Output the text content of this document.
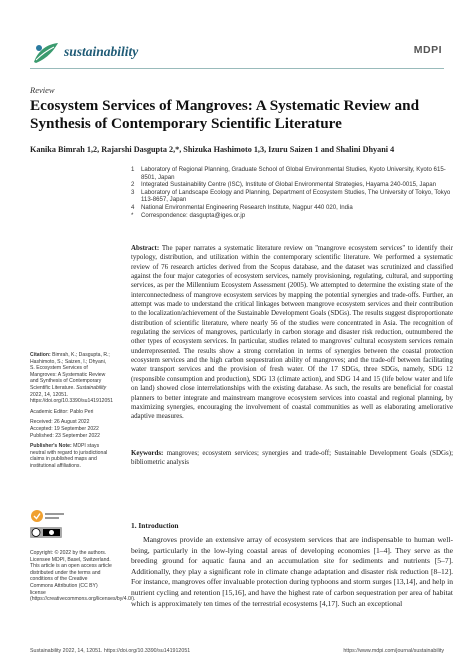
sustainability	MDPI
Review
Ecosystem Services of Mangroves: A Systematic Review and Synthesis of Contemporary Scientific Literature
Kanika Bimrah 1,2, Rajarshi Dasgupta 2,*, Shizuka Hashimoto 1,3, Izuru Saizen 1 and Shalini Dhyani 4
1	Laboratory of Regional Planning, Graduate School of Global Environmental Studies, Kyoto University, Kyoto 615-8501, Japan
2	Integrated Sustainability Centre (ISC), Institute of Global Environmental Strategies, Hayama 240-0015, Japan
3	Laboratory of Landscape Ecology and Planning, Department of Ecosystem Studies, The University of Tokyo, Tokyo 113-8657, Japan
4	National Environmental Engineering Research Institute, Nagpur 440 020, India
*	Correspondence: dasgupta@iges.or.jp
Abstract: The paper narrates a systematic literature review on ''mangrove ecosystem services'' to identify their typology, distribution, and utilization within the contemporary scientific literature. We performed a systematic review of 76 research articles derived from the Scopus database, and the dataset was scrutinized and classified against the four major categories of ecosystem services, namely provisioning, regulating, cultural, and supporting services, as per the Millennium Ecosystem Assessment (2005). We attempted to determine the existing state of the interconnectedness of mangrove ecosystem services by mapping the potential synergies and trade-offs. Further, an attempt was made to understand the critical linkages between mangrove ecosystem services and their contribution to the localization/achievement of the Sustainable Development Goals (SDGs). The results suggest disproportionate distribution of scientific literature, where nearly 56 of the studies were concentrated in Asia. The recognition of regulating the services of mangroves, particularly in carbon storage and disaster risk reduction, outnumbered the other types of ecosystem services. In particular, studies related to mangroves' cultural ecosystem services remain underrepresented. The results show a strong correlation in terms of synergies between the coastal protection ecosystem services and the high carbon sequestration ability of mangroves; and the trade-off between facilitating water transport services and the provision of fresh water. Of the 17 SDGs, three SDGs, namely, SDG 12 (responsible consumption and production), SDG 13 (climate action), and SDG 14 and 15 (life below water and life on land) showed close interrelationships with the existing database. As such, the results are beneficial for coastal planners to better integrate and mainstream mangrove ecosystem services into coastal and regional planning, by maximizing synergies, encouraging the involvement of coastal communities as well as elaborating ameliorative adaptive measures.
Keywords: mangroves; ecosystem services; synergies and trade-off; Sustainable Development Goals (SDGs); bibliometric analysis

Citation: Bimrah, K.; Dasgupta, R.; Hashimoto, S.; Saizen, I.; Dhyani, S. Ecosystem Services of Mangroves: A Systematic Review and Synthesis of Contemporary Scientific Literature. Sustainability 2022, 14, 12051. https://doi.org/10.3390/su141912051

Academic Editor: Pablo Peri

Received: 26 August 2022

Accepted: 19 September 2022

Published: 23 September 2022

Publisher's Note: MDPI stays neutral with regard to jurisdictional claims in published maps and institutional affiliations.

Copyright: © 2022 by the authors. Licensee MDPI, Basel, Switzerland. This article is an open access article distributed under the terms and conditions of the Creative Commons Attribution (CC BY) license (https://creativecommons.org/licenses/by/4.0/).
1. Introduction
Mangroves provide an extensive array of ecosystem services that are indispensable to human well-being, particularly in the low-lying coastal areas of developing economies [1–4]. They serve as the breeding ground for aquatic fauna and an accumulation site for sediments and nutrients [5–7]. Additionally, they play a significant role in climate change adaptation and disaster risk reduction [8–12]. For instance, mangroves offer invaluable protection during typhoons and storm surges [13,14], and help in nutrient cycling and retention [15,16], and have the highest rate of carbon sequestration per area of habitat which is approximately ten times of the terrestrial ecosystems [4,17]. Such an exceptional
Sustainability 2022, 14, 12051. https://doi.org/10.3390/su141912051	https://www.mdpi.com/journal/sustainability
